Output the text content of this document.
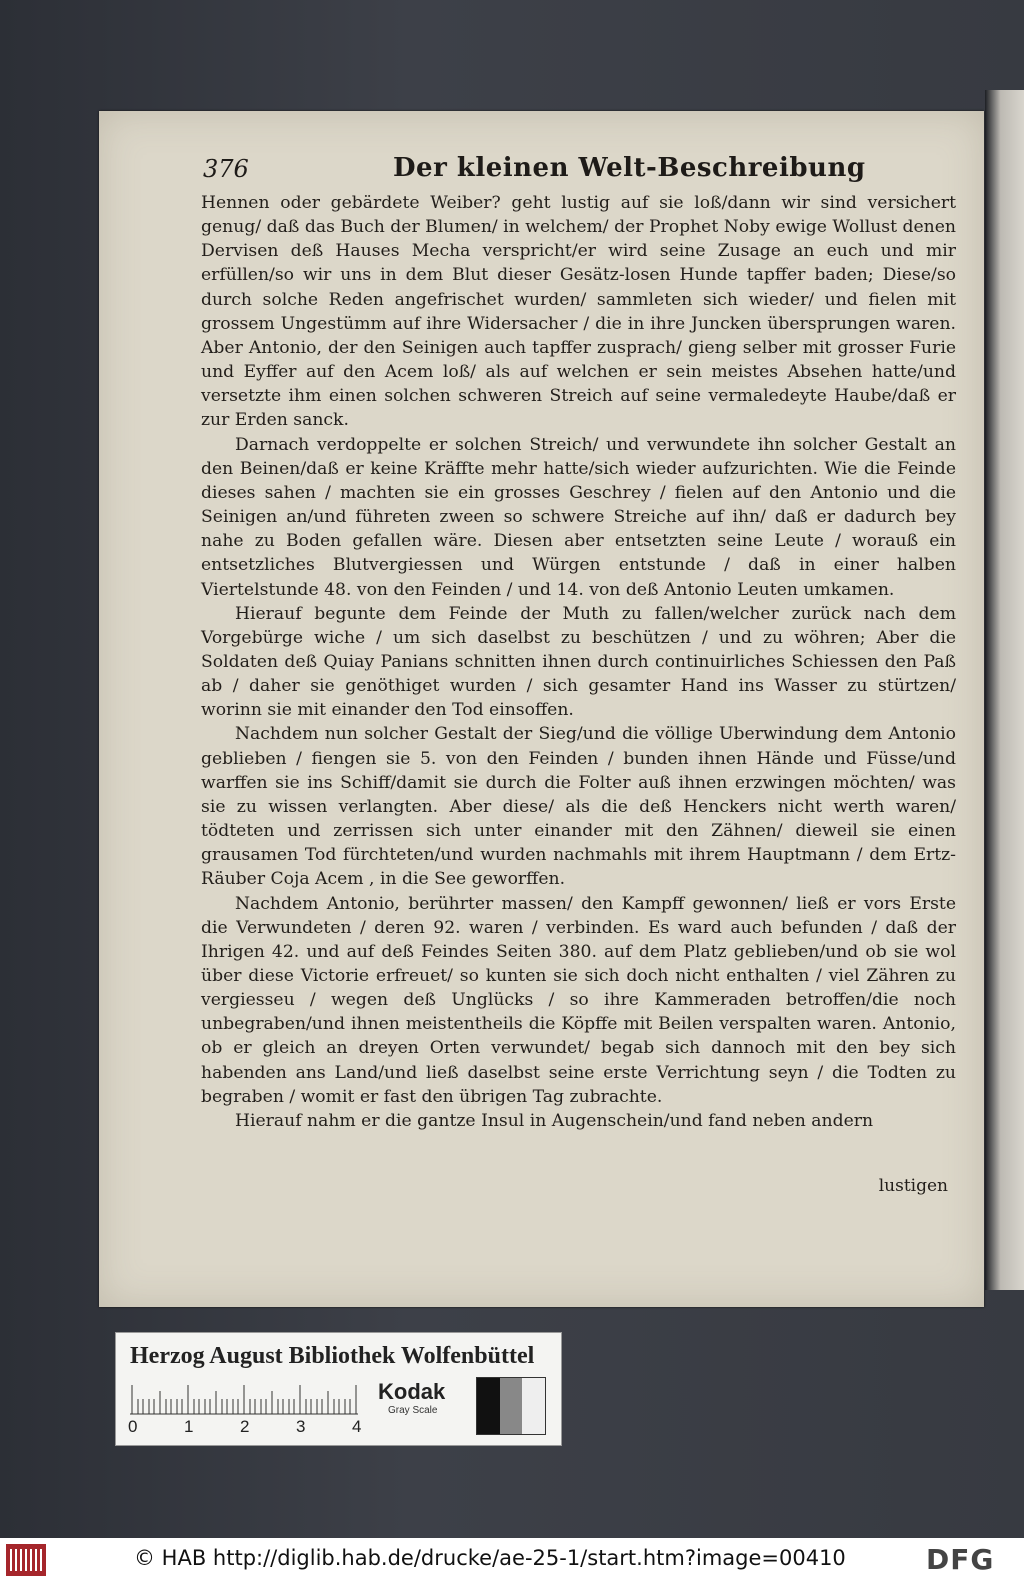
376	Der kleinen Welt-Beschreibung

Hennen oder gebärdete Weiber? geht lustig auf sie loß/dann wir sind versichert genug/ daß das Buch der Blumen/ in welchem/ der Prophet Noby ewige Wollust denen Dervisen deß Hauses Mecha verspricht/er wird seine Zusage an euch und mir erfüllen/so wir uns in dem Blut dieser Gesätz-losen Hunde tapffer baden; Diese/so durch solche Reden angefrischet wurden/ sammleten sich wieder/ und fielen mit grossem Ungestümm auf ihre Widersacher / die in ihre Juncken übersprungen waren. Aber Antonio, der den Seinigen auch tapffer zusprach/ gieng selber mit grosser Furie und Eyffer auf den Acem loß/ als auf welchen er sein meistes Absehen hatte/und versetzte ihm einen solchen schweren Streich auf seine vermaledeyte Haube/daß er zur Erden sanck.

Darnach verdoppelte er solchen Streich/ und verwundete ihn solcher Gestalt an den Beinen/daß er keine Kräffte mehr hatte/sich wieder aufzurichten. Wie die Feinde dieses sahen / machten sie ein grosses Geschrey / fielen auf den Antonio und die Seinigen an/und führeten zween so schwere Streiche auf ihn/ daß er dadurch bey nahe zu Boden gefallen wäre. Diesen aber entsetzten seine Leute / worauß ein entsetzliches Blutvergiessen und Würgen entstunde / daß in einer halben Viertelstunde 48. von den Feinden / und 14. von deß Antonio Leuten umkamen.

Hierauf begunte dem Feinde der Muth zu fallen/welcher zurück nach dem Vorgebürge wiche / um sich daselbst zu beschützen / und zu wöhren; Aber die Soldaten deß Quiay Panians schnitten ihnen durch continuirliches Schiessen den Paß ab / daher sie genöthiget wurden / sich gesamter Hand ins Wasser zu stürtzen/ worinn sie mit einander den Tod einsoffen.

Nachdem nun solcher Gestalt der Sieg/und die völlige Uberwindung dem Antonio geblieben / fiengen sie 5. von den Feinden / bunden ihnen Hände und Füsse/und warffen sie ins Schiff/damit sie durch die Folter auß ihnen erzwingen möchten/ was sie zu wissen verlangten. Aber diese/ als die deß Henckers nicht werth waren/ tödteten und zerrissen sich unter einander mit den Zähnen/ dieweil sie einen grausamen Tod fürchteten/und wurden nachmahls mit ihrem Hauptmann / dem Ertz-Räuber Coja Acem , in die See geworffen.

Nachdem Antonio, berührter massen/ den Kampff gewonnen/ ließ er vors Erste die Verwundeten / deren 92. waren / verbinden. Es ward auch befunden / daß der Ihrigen 42. und auf deß Feindes Seiten 380. auf dem Platz geblieben/und ob sie wol über diese Victorie erfreuet/ so kunten sie sich doch nicht enthalten / viel Zähren zu vergiesseu / wegen deß Unglücks / so ihre Kammeraden betroffen/die noch unbegraben/und ihnen meistentheils die Köpffe mit Beilen verspalten waren. Antonio, ob er gleich an dreyen Orten verwundet/ begab sich dannoch mit den bey sich habenden ans Land/und ließ daselbst seine erste Verrichtung seyn / die Todten zu begraben / womit er fast den übrigen Tag zubrachte.

Hierauf nahm er die gantze Insul in Augenschein/und fand neben andern

lustigen
Herzog August Bibliothek Wolfenbüttel
0	1	2	3	4
Kodak
Gray Scale
© HAB http://diglib.hab.de/drucke/ae-25-1/start.htm?image=00410	DFG
